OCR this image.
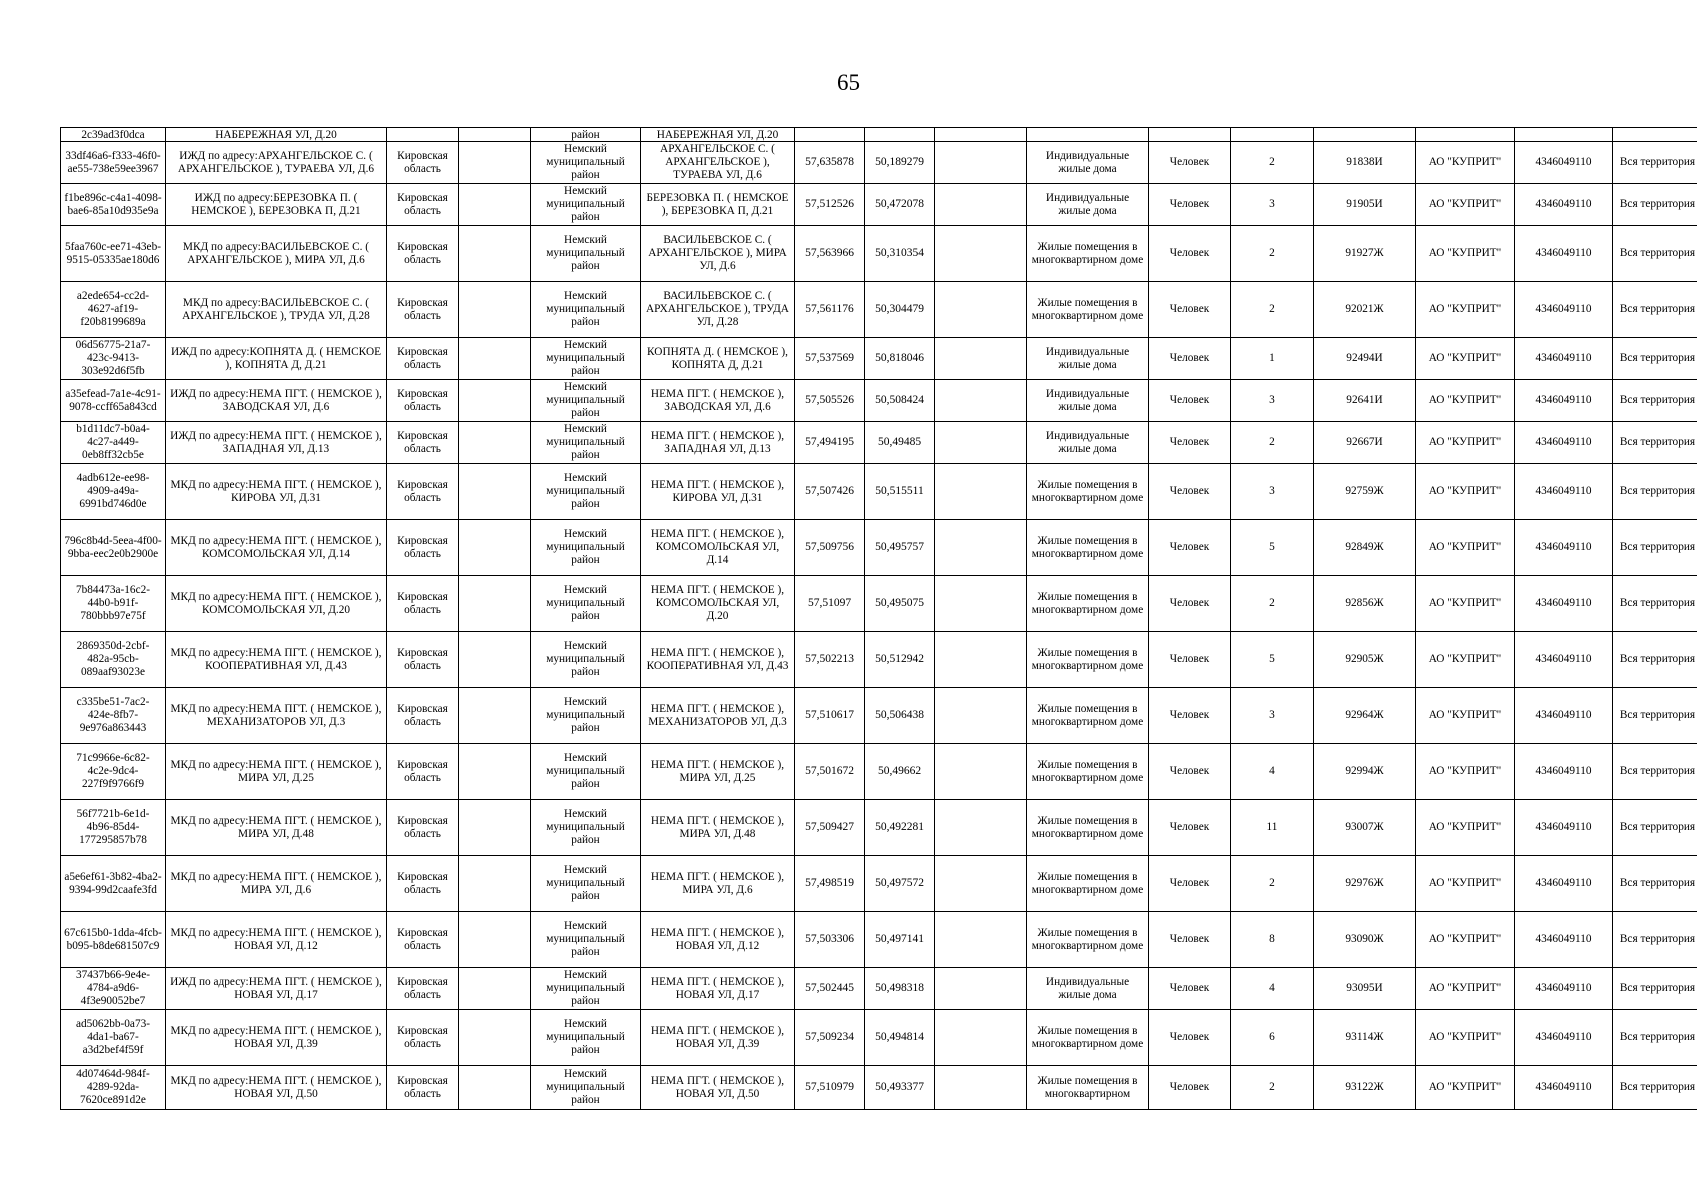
65
2c39ad3f0dca	НАБЕРЕЖНАЯ УЛ, Д.20			район	НАБЕРЕЖНАЯ УЛ, Д.20										
33df46a6-f333-46f0-ae55-738e59ee3967	ИЖД по адресу:АРХАНГЕЛЬСКОЕ С. ( АРХАНГЕЛЬСКОЕ ), ТУРАЕВА УЛ, Д.6	Кировская область		Немский муниципальный район	АРХАНГЕЛЬСКОЕ С. ( АРХАНГЕЛЬСКОЕ ), ТУРАЕВА УЛ, Д.6	57,635878	50,189279		Индивидуальные жилые дома	Человек	2	91838И	АО "КУПРИТ"	4346049110	Вся территория
f1be896c-c4a1-4098-bae6-85a10d935e9a	ИЖД по адресу:БЕРЕЗОВКА П. ( НЕМСКОЕ ), БЕРЕЗОВКА П, Д.21	Кировская область		Немский муниципальный район	БЕРЕЗОВКА П. ( НЕМСКОЕ ), БЕРЕЗОВКА П, Д.21	57,512526	50,472078		Индивидуальные жилые дома	Человек	3	91905И	АО "КУПРИТ"	4346049110	Вся территория
5faa760c-ee71-43eb-9515-05335ae180d6	МКД по адресу:ВАСИЛЬЕВСКОЕ С. ( АРХАНГЕЛЬСКОЕ ), МИРА УЛ, Д.6	Кировская область		Немский муниципальный район	ВАСИЛЬЕВСКОЕ С. ( АРХАНГЕЛЬСКОЕ ), МИРА УЛ, Д.6	57,563966	50,310354		Жилые помещения в многоквартирном доме	Человек	2	91927Ж	АО "КУПРИТ"	4346049110	Вся территория
a2ede654-cc2d-4627-af19-f20b8199689a	МКД по адресу:ВАСИЛЬЕВСКОЕ С. ( АРХАНГЕЛЬСКОЕ ), ТРУДА УЛ, Д.28	Кировская область		Немский муниципальный район	ВАСИЛЬЕВСКОЕ С. ( АРХАНГЕЛЬСКОЕ ), ТРУДА УЛ, Д.28	57,561176	50,304479		Жилые помещения в многоквартирном доме	Человек	2	92021Ж	АО "КУПРИТ"	4346049110	Вся территория
06d56775-21a7-423c-9413-303e92d6f5fb	ИЖД по адресу:КОПНЯТА Д. ( НЕМСКОЕ ), КОПНЯТА Д, Д.21	Кировская область		Немский муниципальный район	КОПНЯТА Д. ( НЕМСКОЕ ), КОПНЯТА Д, Д.21	57,537569	50,818046		Индивидуальные жилые дома	Человек	1	92494И	АО "КУПРИТ"	4346049110	Вся территория
a35efead-7a1e-4c91-9078-ccff65a843cd	ИЖД по адресу:НЕМА ПГТ. ( НЕМСКОЕ ), ЗАВОДСКАЯ УЛ, Д.6	Кировская область		Немский муниципальный район	НЕМА ПГТ. ( НЕМСКОЕ ), ЗАВОДСКАЯ УЛ, Д.6	57,505526	50,508424		Индивидуальные жилые дома	Человек	3	92641И	АО "КУПРИТ"	4346049110	Вся территория
b1d11dc7-b0a4-4c27-a449-0eb8ff32cb5e	ИЖД по адресу:НЕМА ПГТ. ( НЕМСКОЕ ), ЗАПАДНАЯ УЛ, Д.13	Кировская область		Немский муниципальный район	НЕМА ПГТ. ( НЕМСКОЕ ), ЗАПАДНАЯ УЛ, Д.13	57,494195	50,49485		Индивидуальные жилые дома	Человек	2	92667И	АО "КУПРИТ"	4346049110	Вся территория
4adb612e-ee98-4909-a49a-6991bd746d0e	МКД по адресу:НЕМА ПГТ. ( НЕМСКОЕ ), КИРОВА УЛ, Д.31	Кировская область		Немский муниципальный район	НЕМА ПГТ. ( НЕМСКОЕ ), КИРОВА УЛ, Д.31	57,507426	50,515511		Жилые помещения в многоквартирном доме	Человек	3	92759Ж	АО "КУПРИТ"	4346049110	Вся территория
796c8b4d-5eea-4f00-9bba-eec2e0b2900e	МКД по адресу:НЕМА ПГТ. ( НЕМСКОЕ ), КОМСОМОЛЬСКАЯ УЛ, Д.14	Кировская область		Немский муниципальный район	НЕМА ПГТ. ( НЕМСКОЕ ), КОМСОМОЛЬСКАЯ УЛ, Д.14	57,509756	50,495757		Жилые помещения в многоквартирном доме	Человек	5	92849Ж	АО "КУПРИТ"	4346049110	Вся территория
7b84473a-16c2-44b0-b91f-780bbb97e75f	МКД по адресу:НЕМА ПГТ. ( НЕМСКОЕ ), КОМСОМОЛЬСКАЯ УЛ, Д.20	Кировская область		Немский муниципальный район	НЕМА ПГТ. ( НЕМСКОЕ ), КОМСОМОЛЬСКАЯ УЛ, Д.20	57,51097	50,495075		Жилые помещения в многоквартирном доме	Человек	2	92856Ж	АО "КУПРИТ"	4346049110	Вся территория
2869350d-2cbf-482a-95cb-089aaf93023e	МКД по адресу:НЕМА ПГТ. ( НЕМСКОЕ ), КООПЕРАТИВНАЯ УЛ, Д.43	Кировская область		Немский муниципальный район	НЕМА ПГТ. ( НЕМСКОЕ ), КООПЕРАТИВНАЯ УЛ, Д.43	57,502213	50,512942		Жилые помещения в многоквартирном доме	Человек	5	92905Ж	АО "КУПРИТ"	4346049110	Вся территория
c335be51-7ac2-424e-8fb7-9e976a863443	МКД по адресу:НЕМА ПГТ. ( НЕМСКОЕ ), МЕХАНИЗАТОРОВ УЛ, Д.3	Кировская область		Немский муниципальный район	НЕМА ПГТ. ( НЕМСКОЕ ), МЕХАНИЗАТОРОВ УЛ, Д.3	57,510617	50,506438		Жилые помещения в многоквартирном доме	Человек	3	92964Ж	АО "КУПРИТ"	4346049110	Вся территория
71c9966e-6c82-4c2e-9dc4-227f9f9766f9	МКД по адресу:НЕМА ПГТ. ( НЕМСКОЕ ), МИРА УЛ, Д.25	Кировская область		Немский муниципальный район	НЕМА ПГТ. ( НЕМСКОЕ ), МИРА УЛ, Д.25	57,501672	50,49662		Жилые помещения в многоквартирном доме	Человек	4	92994Ж	АО "КУПРИТ"	4346049110	Вся территория
56f7721b-6e1d-4b96-85d4-177295857b78	МКД по адресу:НЕМА ПГТ. ( НЕМСКОЕ ), МИРА УЛ, Д.48	Кировская область		Немский муниципальный район	НЕМА ПГТ. ( НЕМСКОЕ ), МИРА УЛ, Д.48	57,509427	50,492281		Жилые помещения в многоквартирном доме	Человек	11	93007Ж	АО "КУПРИТ"	4346049110	Вся территория
a5e6ef61-3b82-4ba2-9394-99d2caafe3fd	МКД по адресу:НЕМА ПГТ. ( НЕМСКОЕ ), МИРА УЛ, Д.6	Кировская область		Немский муниципальный район	НЕМА ПГТ. ( НЕМСКОЕ ), МИРА УЛ, Д.6	57,498519	50,497572		Жилые помещения в многоквартирном доме	Человек	2	92976Ж	АО "КУПРИТ"	4346049110	Вся территория
67c615b0-1dda-4fcb-b095-b8de681507c9	МКД по адресу:НЕМА ПГТ. ( НЕМСКОЕ ), НОВАЯ УЛ, Д.12	Кировская область		Немский муниципальный район	НЕМА ПГТ. ( НЕМСКОЕ ), НОВАЯ УЛ, Д.12	57,503306	50,497141		Жилые помещения в многоквартирном доме	Человек	8	93090Ж	АО "КУПРИТ"	4346049110	Вся территория
37437b66-9e4e-4784-a9d6-4f3e90052be7	ИЖД по адресу:НЕМА ПГТ. ( НЕМСКОЕ ), НОВАЯ УЛ, Д.17	Кировская область		Немский муниципальный район	НЕМА ПГТ. ( НЕМСКОЕ ), НОВАЯ УЛ, Д.17	57,502445	50,498318		Индивидуальные жилые дома	Человек	4	93095И	АО "КУПРИТ"	4346049110	Вся территория
ad5062bb-0a73-4da1-ba67-a3d2bef4f59f	МКД по адресу:НЕМА ПГТ. ( НЕМСКОЕ ), НОВАЯ УЛ, Д.39	Кировская область		Немский муниципальный район	НЕМА ПГТ. ( НЕМСКОЕ ), НОВАЯ УЛ, Д.39	57,509234	50,494814		Жилые помещения в многоквартирном доме	Человек	6	93114Ж	АО "КУПРИТ"	4346049110	Вся территория
4d07464d-984f-4289-92da-7620ce891d2e	МКД по адресу:НЕМА ПГТ. ( НЕМСКОЕ ), НОВАЯ УЛ, Д.50	Кировская область		Немский муниципальный район	НЕМА ПГТ. ( НЕМСКОЕ ), НОВАЯ УЛ, Д.50	57,510979	50,493377		Жилые помещения в многоквартирном	Человек	2	93122Ж	АО "КУПРИТ"	4346049110	Вся территория
